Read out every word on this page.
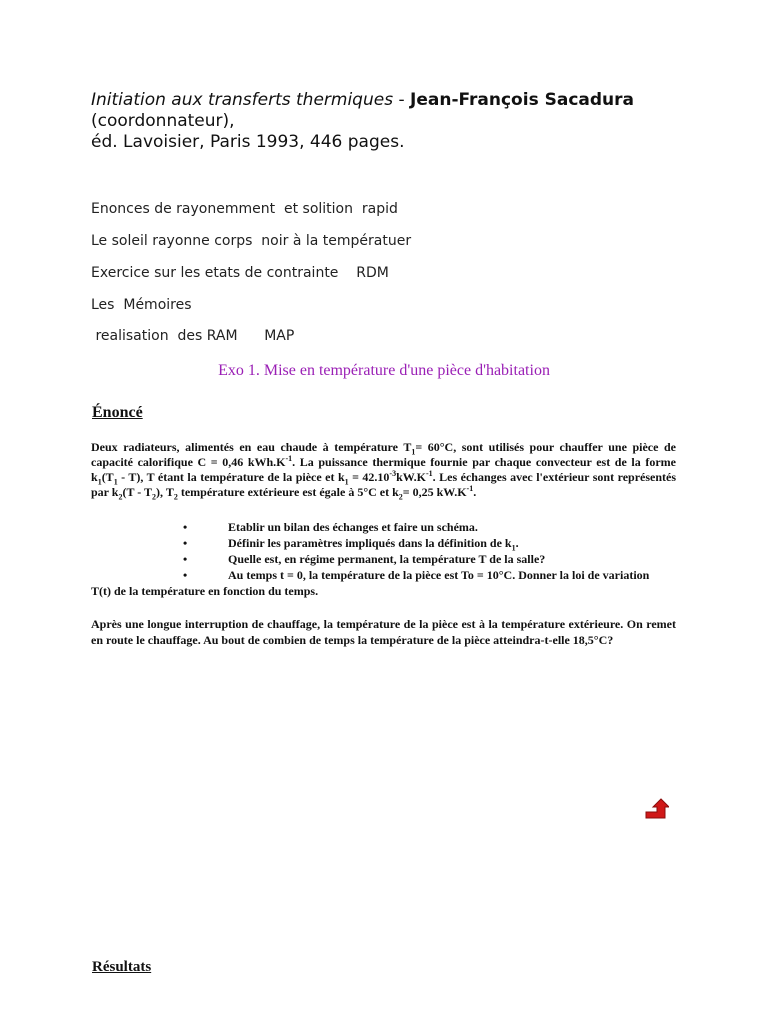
Initiation aux transferts thermiques - Jean-François Sacadura
(coordonnateur),
éd. Lavoisier, Paris 1993, 446 pages.
Enonces de rayonemment  et solition  rapid
Le soleil rayonne corps  noir à la températuer
Exercice sur les etats de contrainte    RDM
Les  Mémoires
realisation  des RAM      MAP
Exo 1. Mise en température d'une pièce d'habitation
Énoncé
Deux radiateurs, alimentés en eau chaude à température $T_1= 60^\circ C$, sont utilisés pour chauffer une pièce de capacité calorifique C = 0,46 $kWh.K^{-1}$. La puissance thermique fournie par chaque convecteur est de la forme $k_1(T_1 - T)$, T étant la température de la pièce et $k_1 = 42.10^{-3}kW.K^{-1}$. Les échanges avec l'extérieur sont représentés par $k_2(T - T_2)$, $T_2$ température extérieure est égale à 5°C et $k_2= 0,25$ $kW.K^{-1}$.
•	Etablir un bilan des échanges et faire un schéma.
•	Définir les paramètres impliqués dans la définition de $k_1$.
•	Quelle est, en régime permanent, la température T de la salle?
•	Au temps t = 0, la température de la pièce est To = 10°C. Donner la loi de variation
T(t) de la température en fonction du temps.
Après une longue interruption de chauffage, la température de la pièce est à la température extérieure. On remet en route le chauffage. Au bout de combien de temps la température de la pièce atteindra-t-elle 18,5°C?
Résultats
